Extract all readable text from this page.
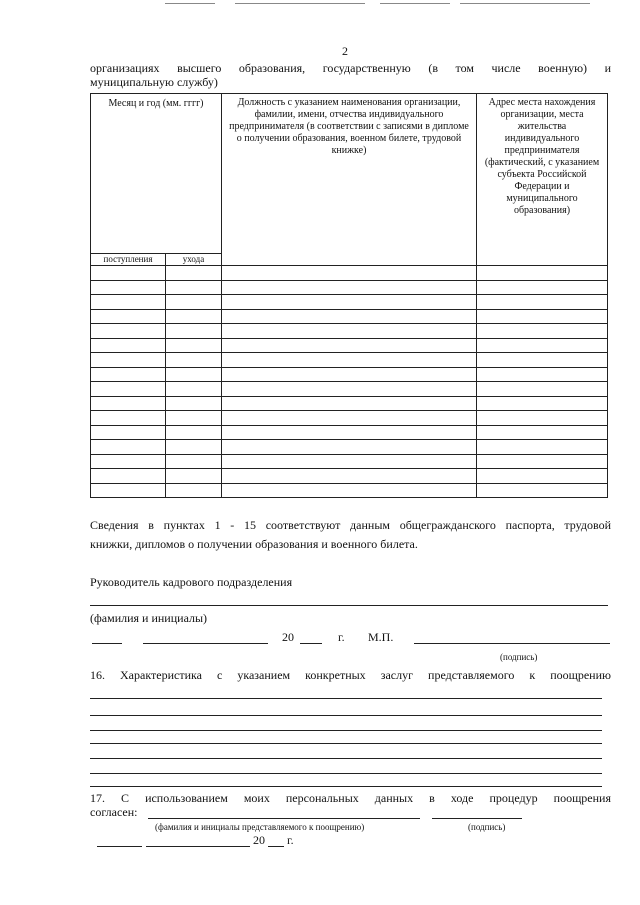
2
организациях высшего образования, государственную (в том числе военную) и
муниципальную службу)
Месяц и год (мм. гггг)		Должность с указанием наименования организации, фамилии, имени, отчества индивидуального предпринимателя (в соответствии с записями в дипломе о получении образования, военном билете, трудовой книжке)	Адрес места нахождения организации, места жительства индивидуального предпринимателя (фактический, с указанием субъекта Российской Федерации и муниципального образования)

поступления	ухода		

Сведения в пунктах 1 - 15 соответствуют данным общегражданского паспорта, трудовой
книжки, дипломов о получении образования и военного билета.
Руководитель кадрового подразделения
(фамилия и инициалы)
20	г.	М.П.
(подпись)
16. Характеристика с указанием конкретных заслуг представляемого к поощрению
17. С использованием моих персональных данных в ходе процедур поощрения
согласен:
(фамилия и инициалы представляемого к поощрению)	(подпись)
20	г.
